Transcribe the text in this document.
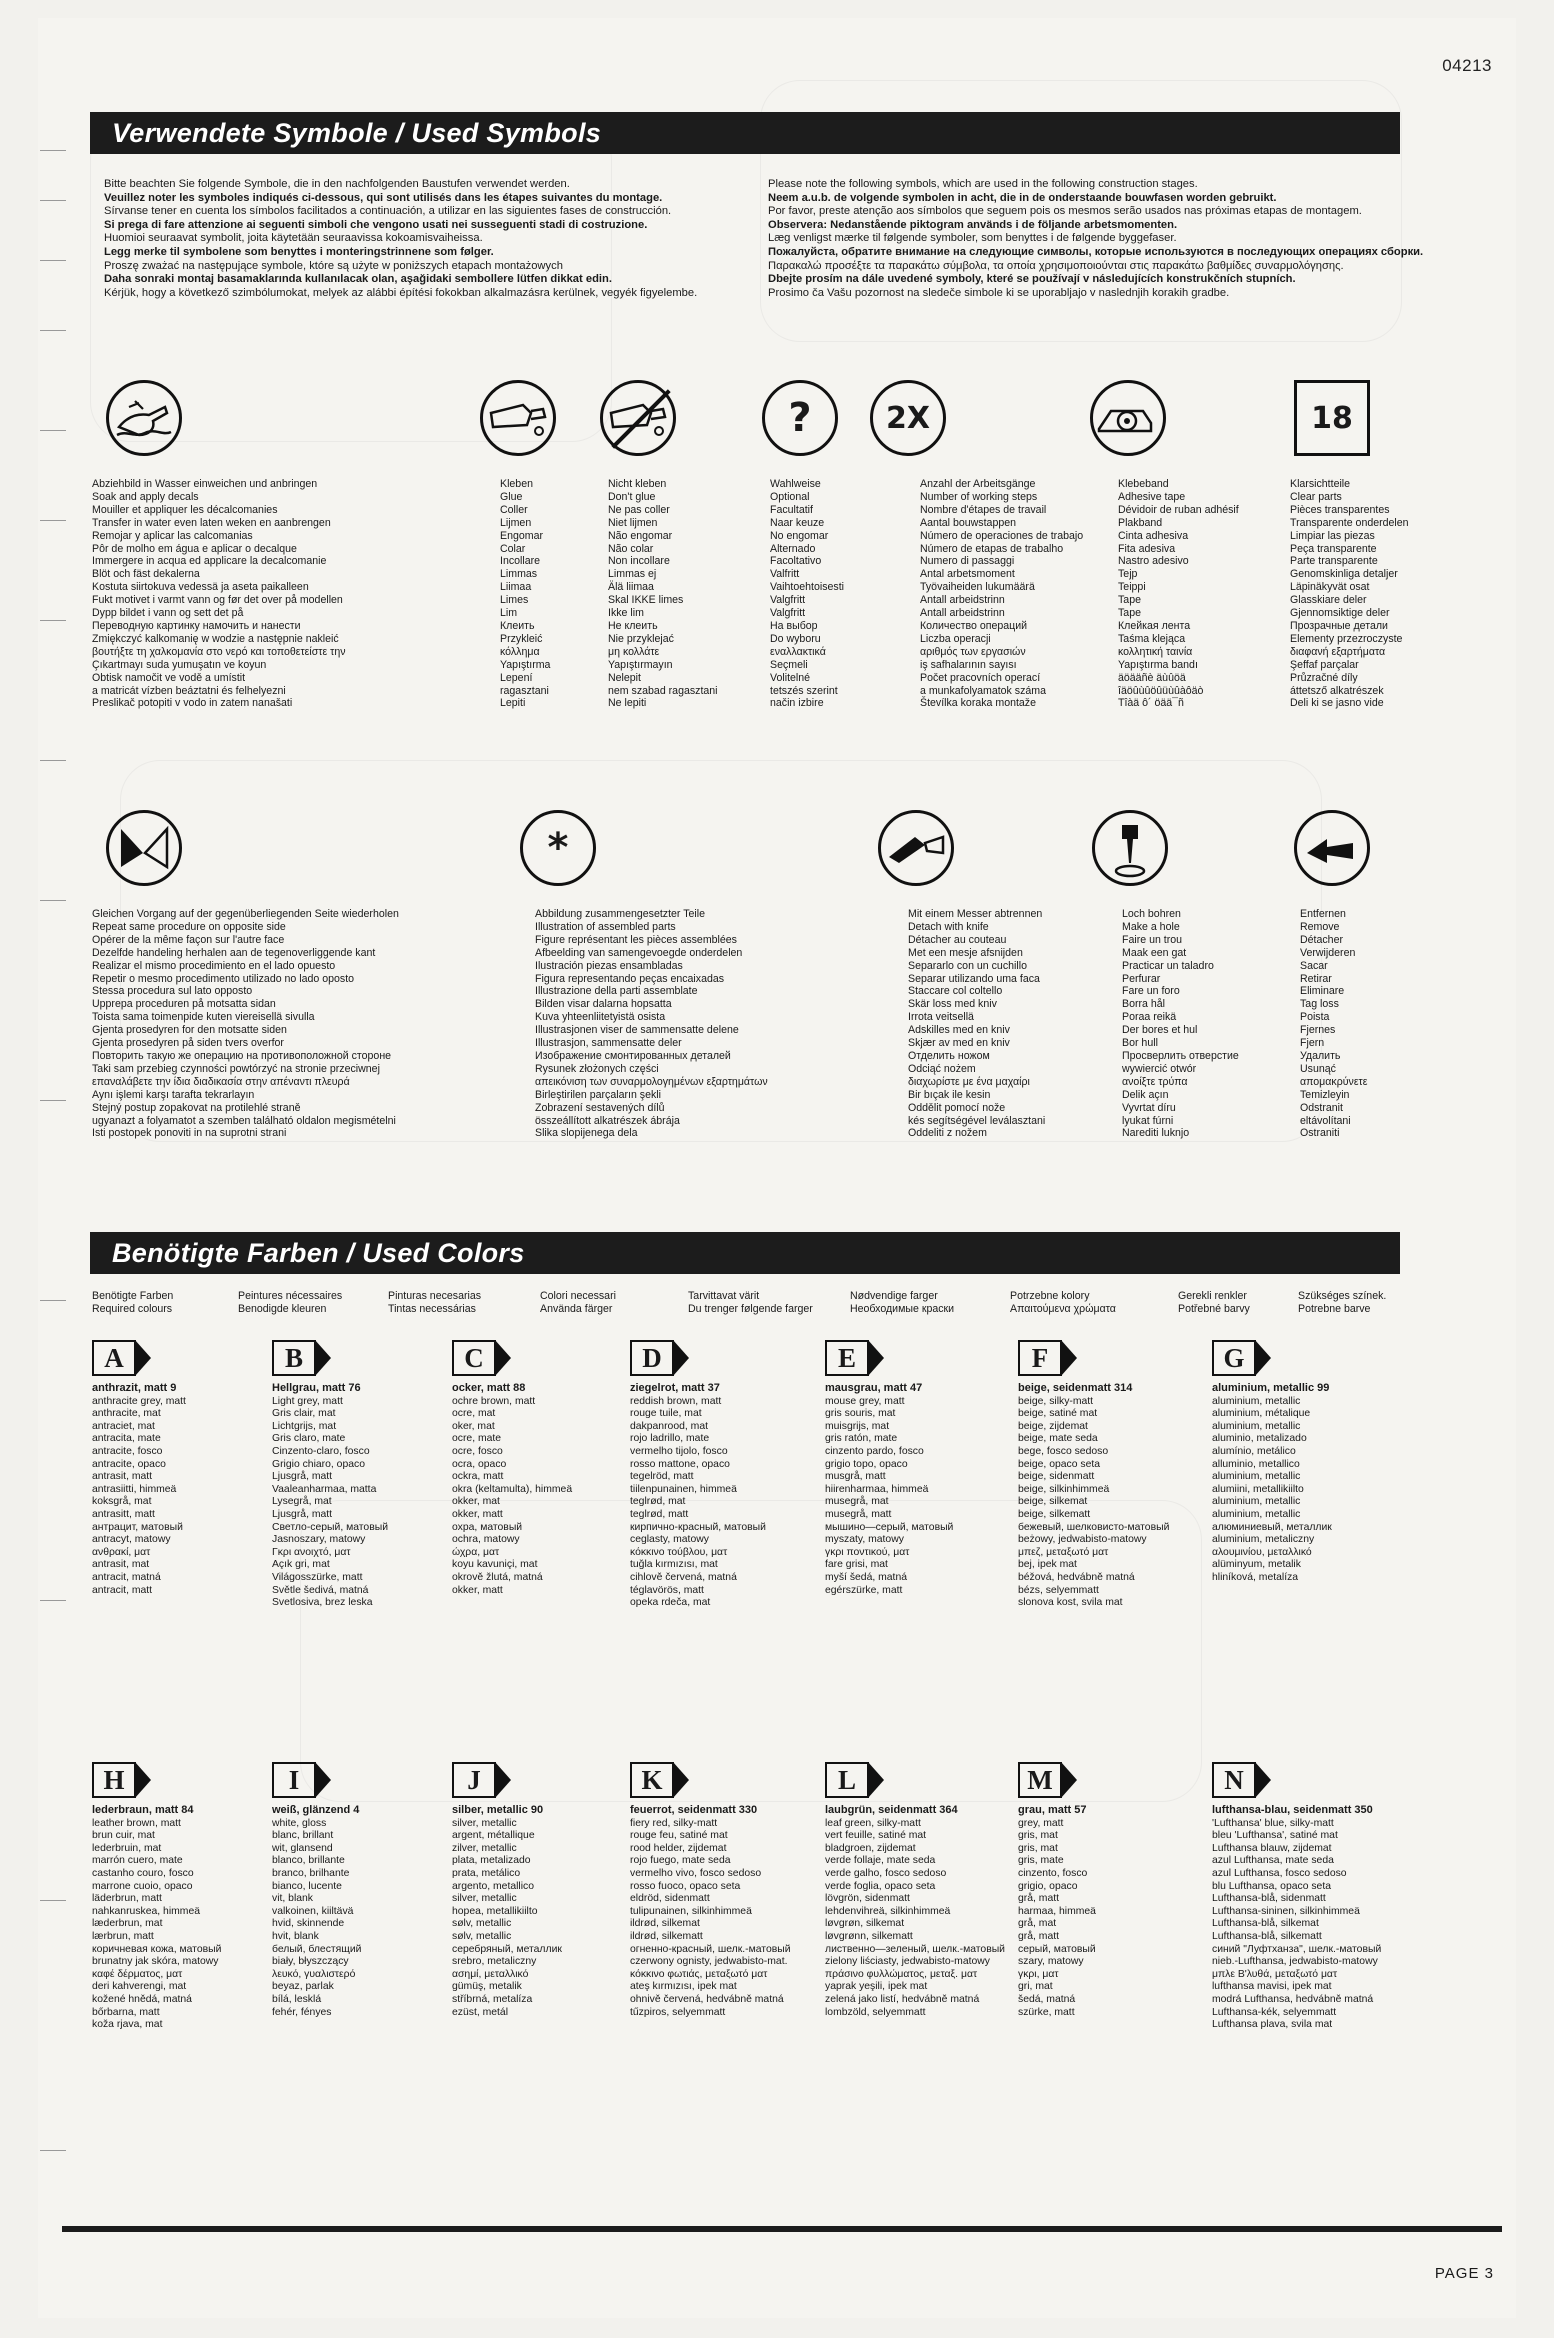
04213
Verwendete Symbole / Used Symbols
Bitte beachten Sie folgende Symbole, die in den nachfolgenden Baustufen verwendet werden.
Veuillez noter les symboles indiqués ci-dessous, qui sont utilisés dans les étapes suivantes du montage.
Sírvanse tener en cuenta los símbolos facilitados a continuación, a utilizar en las siguientes fases de construcción.
Si prega di fare attenzione ai seguenti simboli che vengono usati nei susseguenti stadi di costruzione.
Huomioi seuraavat symbolit, joita käytetään seuraavissa kokoamisvaiheissa.
Legg merke til symbolene som benyttes i monteringstrinnene som følger.
Proszę zważać na następujące symbole, które są użyte w poniższych etapach montażowych
Daha sonraki montaj basamaklarında kullanılacak olan, aşağidaki sembollere lütfen dikkat edin.
Kérjük, hogy a következő szimbólumokat, melyek az alábbi építési fokokban alkalmazásra kerülnek, vegyék figyelembe.
Please note the following symbols, which are used in the following construction stages.
Neem a.u.b. de volgende symbolen in acht, die in de onderstaande bouwfasen worden gebruikt.
Por favor, preste atenção aos símbolos que seguem pois os mesmos serão usados nas próximas etapas de montagem.
Observera: Nedanstående piktogram används i de följande arbetsmomenten.
Læg venligst mærke til følgende symboler, som benyttes i de følgende byggefaser.
Пожалуйста, обратите внимание на следующие символы, которые используются в последующих операциях сборки.
Παρακαλώ προσέξτε τα παρακάτω σύμβολα, τα οποία χρησιμοποιούνται στις παρακάτω βαθμίδες συναρμολόγησης.
Dbejte prosím na dále uvedené symboly, které se používají v následujících konstrukčních stupních.
Prosimo ča Vašu pozornost na sledeče simbole ki se uporabljajo v naslednjih korakih gradbe.
?	2X	18
Abziehbild in Wasser einweichen und anbringen
Soak and apply decals
Mouiller et appliquer les décalcomanies
Transfer in water even laten weken en aanbrengen
Remojar y aplicar las calcomanias
Pôr de molho em água e aplicar o decalque
Immergere in acqua ed applicare la decalcomanie
Blöt och fäst dekalerna
Kostuta siirtokuva vedessä ja aseta paikalleen
Fukt motivet i varmt vann og før det over på modellen
Dypp bildet i vann og sett det på
Переводную картинку намочить и нанести
Zmiękczyć kalkomanię w wodzie a następnie nakleić
βουτήξτε τη χαλκομανία στο νερό και τοποθετείστε την
Çıkartmayı suda yumuşatın ve koyun
Obtisk namočit ve vodě a umístit
a matricát vízben beáztatni és felhelyezni
Preslikač potopiti v vodo in zatem nanašati
Kleben
Glue
Coller
Lijmen
Engomar
Colar
Incollare
Limmas
Liimaa
Limes
Lim
Клеить
Przykleić
κόλλημα
Yapıştırma
Lepení
ragasztani
Lepiti
Nicht kleben
Don't glue
Ne pas coller
Niet lijmen
Não engomar
Não colar
Non incollare
Limmas ej
Älä liimaa
Skal IKKE limes
Ikke lim
Не клеить
Nie przyklejać
μη κολλάτε
Yapıştırmayın
Nelepit
nem szabad ragasztani
Ne lepiti
Wahlweise
Optional
Facultatif
Naar keuze
No engomar
Alternado
Facoltativo
Valfritt
Vaihtoehtoisesti
Valgfritt
Valgfritt
На выбор
Do wyboru
εναλλακτικά
Seçmeli
Volitelné
tetszés szerint
način izbire
Anzahl der Arbeitsgänge
Number of working steps
Nombre d'étapes de travail
Aantal bouwstappen
Número de operaciones de trabajo
Número de etapas de trabalho
Numero di passaggi
Antal arbetsmoment
Työvaiheiden lukumäärä
Antall arbeidstrinn
Antall arbeidstrinn
Количество операций
Liczba operacji
αριθμός των εργασιών
iş safhalarının sayısı
Počet pracovních operací
a munkafolyamatok száma
Števílka koraka montaže
Klebeband
Adhesive tape
Dévidoir de ruban adhésif
Plakband
Cinta adhesiva
Fita adesiva
Nastro adesivo
Tejp
Teippi
Tape
Tape
Клейкая лента
Taśma klejąca
κολλητική ταινία
Yapıştırma bandı
äöääñè äùûöä
îäöûùûöûüùûàôäò
Tîàä ô´ öää¯ñ
Klarsichtteile
Clear parts
Pièces transparentes
Transparente onderdelen
Limpiar las piezas
Peça transparente
Parte transparente
Genomskinliga detaljer
Läpinäkyvät osat
Glasskiare deler
Gjennomsiktige deler
Прозрачные детали
Elementy przezroczyste
διαφανή εξαρτήματα
Şeffaf parçalar
Průzračné díly
áttetsző alkatrészek
Deli ki se jasno vide
*
Gleichen Vorgang auf der gegenüberliegenden Seite wiederholen
Repeat same procedure on opposite side
Opérer de la même façon sur l'autre face
Dezelfde handeling herhalen aan de tegenoverliggende kant
Realizar el mismo procedimiento en el lado opuesto
Repetir o mesmo procedimento utilizado no lado oposto
Stessa procedura sul lato opposto
Upprepa proceduren på motsatta sidan
Toista sama toimenpide kuten viereisellä sivulla
Gjenta prosedyren for den motsatte siden
Gjenta prosedyren på siden tvers overfor
Повторить такую же операцию на противоположной стороне
Taki sam przebieg czynności powtórzyć na stronie przeciwnej
επαναλάβετε την ίδια διαδικασία στην απέναντι πλευρά
Aynı işlemi karşı tarafta tekrarlayın
Stejný postup zopakovat na protilehlé straně
ugyanazt a folyamatot a szemben található oldalon megismételni
Isti postopek ponoviti in na suprotni strani
Abbildung zusammengesetzter Teile
Illustration of assembled parts
Figure représentant les pièces assemblées
Afbeelding van samengevoegde onderdelen
Ilustración piezas ensambladas
Figura representando peças encaixadas
Illustrazione della parti assemblate
Bilden visar dalarna hopsatta
Kuva yhteenliitetyistä osista
Illustrasjonen viser de sammensatte delene
Illustrasjon, sammensatte deler
Изображение смонтированных деталей
Rysunek złożonych części
απεικόνιση των συναρμολογημένων εξαρτημάτων
Birleştirilen parçaların şekli
Zobrazení sestavených dílů
összeállított alkatrészek ábrája
Slika slopijenega dela
Mit einem Messer abtrennen
Detach with knife
Détacher au couteau
Met een mesje afsnijden
Separarlo con un cuchillo
Separar utilizando uma faca
Staccare col coltello
Skär loss med kniv
Irrota veitsellä
Adskilles med en kniv
Skjær av med en kniv
Отделить ножом
Odciąć nożem
διαχωρίστε με ένα μαχαίρι
Bir bıçak ile kesin
Oddělit pomocí nože
kés segítségével leválasztani
Oddeliti z nožem
Loch bohren
Make a hole
Faire un trou
Maak een gat
Practicar un taladro
Perfurar
Fare un foro
Borra hål
Poraa reikä
Der bores et hul
Bor hull
Просверлить отверстие
wywiercić otwór
ανοίξτε τρύπα
Delik açın
Vyvrtat díru
lyukat fúrni
Narediti luknjo
Entfernen
Remove
Détacher
Verwijderen
Sacar
Retirar
Eliminare
Tag loss
Poista
Fjernes
Fjern
Удалить
Usunąć
απομακρύνετε
Temizleyin
Odstranit
eltávolítani
Ostraniti
Benötigte Farben / Used Colors
Benötigte Farben
Required colours
Peintures nécessaires
Benodigde kleuren
Pinturas necesarias
Tintas necessárias
Colori necessari
Använda färger
Tarvittavat värit
Du trenger følgende farger
Nødvendige farger
Необходимые краски
Potrzebne kolory
Απαιτούμενα χρώματα
Gerekli renkler
Potřebné barvy
Szükséges színek.
Potrebne barve
A
anthrazit, matt 9
anthracite grey, matt
anthracite, mat
antraciet, mat
antracita, mate
antracite, fosco
antracite, opaco
antrasit, matt
antrasiitti, himmeä
koksgrå, mat
antrasitt, matt
антрацит, матовый
antracyt, matowy
ανθρακί, ματ
antrasit, mat
antracit, matná
antracit, matt
B
Hellgrau, matt 76
Light grey, matt
Gris clair, mat
Lichtgrijs, mat
Gris claro, mate
Cinzento-claro, fosco
Grigio chiaro, opaco
Ljusgrå, matt
Vaaleanharmaa, matta
Lysegrå, mat
Ljusgrå, matt
Светло-серый, матовый
Jasnoszary, matowy
Γκρι ανοιχτό, ματ
Açık gri, mat
Világosszürke, matt
Světle šedivá, matná
Svetlosiva, brez leska
C
ocker, matt 88
ochre brown, matt
ocre, mat
oker, mat
ocre, mate
ocre, fosco
ocra, opaco
ockra, matt
okra (keltamulta), himmeä
okker, mat
okker, matt
охра, матовый
ochra, matowy
ώχρα, ματ
koyu kavuniçi, mat
okrově žlutá, matná
okker, matt
D
ziegelrot, matt 37
reddish brown, matt
rouge tuile, mat
dakpanrood, mat
rojo ladrillo, mate
vermelho tijolo, fosco
rosso mattone, opaco
tegelröd, matt
tiilenpunainen, himmeä
teglrød, mat
teglrød, matt
кирпично-красный, матовый
ceglasty, matowy
κόκκινο τούβλου, ματ
tuğla kırmızısı, mat
cihlově červená, matná
téglavörös, matt
opeka rdeča, mat
E
mausgrau, matt 47
mouse grey, matt
gris souris, mat
muisgrijs, mat
gris ratón, mate
cinzento pardo, fosco
grigio topo, opaco
musgrå, matt
hiirenharmaa, himmeä
musegrå, mat
musegrå, matt
мышино—серый, матовый
myszaty, matowy
γκρι ποντικού, ματ
fare grisi, mat
myší šedá, matná
egérszürke, matt
F
beige, seidenmatt 314
beige, silky-matt
beige, satiné mat
beige, zijdemat
beige, mate seda
bege, fosco sedoso
beige, opaco seta
beige, sidenmatt
beige, silkinhimmeä
beige, silkemat
beige, silkematt
бежевый, шелковисто-матовый
beżowy, jedwabisto-matowy
μπεζ, μεταξωτό ματ
bej, ipek mat
béžová, hedvábně matná
bézs, selyemmatt
slonova kost, svila mat
G
aluminium, metallic 99
aluminium, metallic
aluminium, métalique
aluminium, metallic
aluminio, metalizado
alumínio, metálico
alluminio, metallico
aluminium, metallic
alumiini, metallikiilto
aluminium, metallic
aluminium, metallic
алюминиевый, металлик
aluminium, metaliczny
αλουμινίου, μεταλλικό
alüminyum, metalik
hliníková, metalíza
H
lederbraun, matt 84
leather brown, matt
brun cuir, mat
lederbruin, mat
marrón cuero, mate
castanho couro, fosco
marrone cuoio, opaco
läderbrun, matt
nahkanruskea, himmeä
læderbrun, mat
lærbrun, matt
коричневая кожа, матовый
brunatny jak skóra, matowy
καφέ δέρματος, ματ
deri kahverengi, mat
kožené hnědá, matná
bőrbarna, matt
koža rjava, mat
I
weiß, glänzend 4
white, gloss
blanc, brillant
wit, glansend
blanco, brillante
branco, brilhante
bianco, lucente
vit, blank
valkoinen, kiiltävä
hvid, skinnende
hvit, blank
белый, блестящий
biały, błyszczący
λευκό, γυαλιστερό
beyaz, parlak
bílá, lesklá
fehér, fényes
J
silber, metallic 90
silver, metallic
argent, métallique
zilver, metallic
plata, metalizado
prata, metálico
argento, metallico
silver, metallic
hopea, metallikiilto
sølv, metallic
sølv, metallic
серебряный, металлик
srebro, metaliczny
ασημί, μεταλλικό
gümüş, metalik
stříbrná, metalíza
ezüst, metál
K
feuerrot, seidenmatt 330
fiery red, silky-matt
rouge feu, satiné mat
rood helder, zijdemat
rojo fuego, mate seda
vermelho vivo, fosco sedoso
rosso fuoco, opaco seta
eldröd, sidenmatt
tulipunainen, silkinhimmeä
ildrød, silkemat
ildrød, silkematt
огненно-красный, шелк.-матовый
czerwony ognisty, jedwabisto-mat.
κόκκινο φωτιάς, μεταξωτό ματ
ateş kırmızısı, ipek mat
ohnivě červená, hedvábně matná
tűzpiros, selyemmatt
L
laubgrün, seidenmatt 364
leaf green, silky-matt
vert feuille, satiné mat
bladgroen, zijdemat
verde follaje, mate seda
verde galho, fosco sedoso
verde foglia, opaco seta
lövgrön, sidenmatt
lehdenvihreä, silkinhimmeä
løvgrøn, silkemat
løvgrønn, silkematt
лиственно—зеленый, шелк.-матовый
zielony liściasty, jedwabisto-matowy
πράσινο φυλλώματος, μεταξ. ματ
yaprak yeşili, ipek mat
zelená jako listí, hedvábně matná
lombzöld, selyemmatt
M
grau, matt 57
grey, matt
gris, mat
gris, mat
gris, mate
cinzento, fosco
grigio, opaco
grå, matt
harmaa, himmeä
grå, mat
grå, matt
серый, матовый
szary, matowy
γκρι, ματ
gri, mat
šedá, matná
szürke, matt
N
lufthansa-blau, seidenmatt 350
'Lufthansa' blue, silky-matt
bleu 'Lufthansa', satiné mat
Lufthansa blauw, zijdemat
azul Lufthansa, mate seda
azul Lufthansa, fosco sedoso
blu Lufthansa, opaco seta
Lufthansa-blå, sidenmatt
Lufthansa-sininen, silkinhimmeä
Lufthansa-blå, silkemat
Lufthansa-blå, silkematt
синий "Луфтханза", шелк.-матовый
nieb.-Lufthansa, jedwabisto-matowy
μπλε Β'λυθά, μεταξωτό ματ
lufthansa mavisi, ipek mat
modrá Lufthansa, hedvábně matná
Lufthansa-kék, selyemmatt
Lufthansa plava, svila mat
PAGE 3
